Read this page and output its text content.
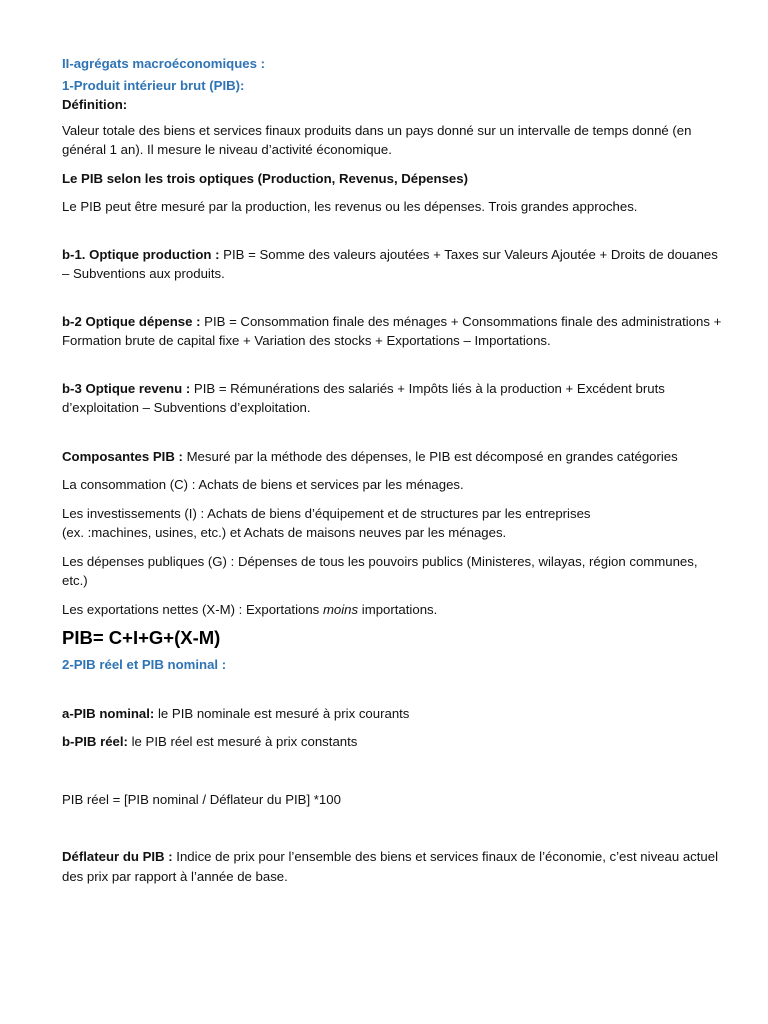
II-agrégats macroéconomiques :

1-Produit intérieur brut (PIB):

Définition:

Valeur totale des biens et services finaux produits dans un pays donné sur un intervalle de temps donné (en général 1 an). Il mesure le niveau d’activité économique.

Le PIB selon les trois optiques (Production, Revenus, Dépenses)

Le PIB peut être mesuré par la production, les revenus ou les dépenses. Trois grandes approches.

b-1. Optique production : PIB = Somme des valeurs ajoutées + Taxes sur Valeurs Ajoutée + Droits de douanes – Subventions aux produits.

b-2 Optique dépense : PIB = Consommation finale des ménages + Consommations finale des administrations + Formation brute de capital fixe + Variation des stocks + Exportations – Importations.

b-3 Optique revenu : PIB = Rémunérations des salariés + Impôts liés à la production + Excédent bruts d’exploitation – Subventions d’exploitation.

Composantes PIB : Mesuré par la méthode des dépenses, le PIB est décomposé en grandes catégories

La consommation (C) : Achats de biens et services par les ménages.

Les investissements (I) : Achats de biens d’équipement et de structures par les entreprises

(ex. :machines, usines, etc.) et Achats de maisons neuves par les ménages.

Les dépenses publiques (G) : Dépenses de tous les pouvoirs publics (Ministeres, wilayas, région communes, etc.)

Les exportations nettes (X-M) : Exportations moins importations.

PIB= C+I+G+(X-M)

2-PIB réel et PIB nominal :

a-PIB nominal: le PIB nominale est mesuré à prix courants

b-PIB réel: le PIB réel est mesuré à prix constants

PIB réel = [PIB nominal / Déflateur du PIB] *100

Déflateur du PIB : Indice de prix pour l’ensemble des biens et services finaux de l’économie, c’est niveau actuel des prix par rapport à l’année de base.
